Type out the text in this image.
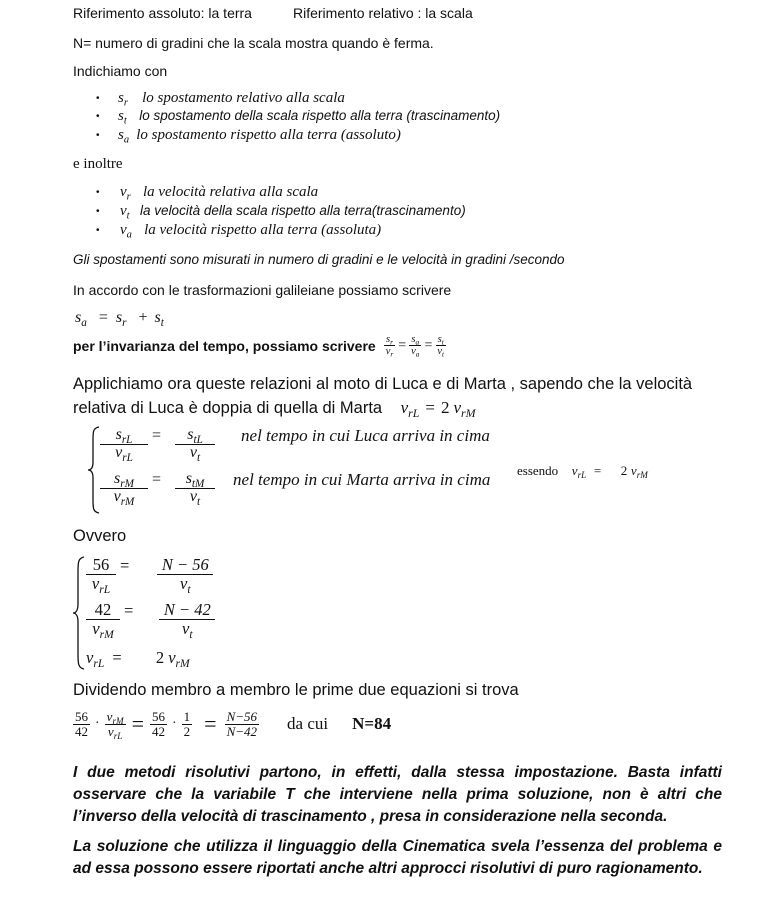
Riferimento assoluto: la terra	Riferimento relativo : la scala
N= numero di gradini che la scala mostra quando è ferma.
Indichiamo con
• $s_r$ lo spostamento relativo alla scala
• $s_t$ lo spostamento della scala rispetto alla terra (trascinamento)
• $s_a$ lo spostamento rispetto alla terra (assoluto)
e inoltre
• $v_r$ la velocità relativa alla scala
• $v_t$ la velocità della scala rispetto alla terra(trascinamento)
• $v_a$ la velocità rispetto alla terra (assoluta)
Gli spostamenti sono misurati in numero di gradini e le velocità in gradini /secondo
In accordo con le trasformazioni galileiane possiamo scrivere
$s_a = s_r + s_t$
per l’invarianza del tempo, possiamo scrivere $\frac{s_r}{v_r} = \frac{s_a}{v_a} = \frac{s_t}{v_t}$
Applichiamo ora queste relazioni al moto di Luca e di Marta , sapendo che la velocità
relativa di Luca è doppia di quella di Marta $v_{rL} = 2$ $v_{rM}$
$\frac{s_{rL}}{v_{rL}} = \frac{s_{tL}}{v_t}$ nel tempo in cui Luca arriva in cima
$\frac{s_{rM}}{v_{rM}} = \frac{s_{tM}}{v_t}$ nel tempo in cui Marta arriva in cima essendo $v_{rL} = 2$ $v_{rM}$
Ovvero
$\frac{56}{v_{rL}} = \frac{N - 56}{v_t}$
$\frac{42}{v_{rM}} = \frac{N - 42}{v_t}$
$v_{rL} = 2$ $v_{rM}$
Dividendo membro a membro le prime due equazioni si trova
$\frac{56}{42} \cdot \frac{v_{rM}}{v_{rL}} = \frac{56}{42} \cdot \frac{1}{2} = \frac{N-56}{N-42}$ da cui N=84
I due metodi risolutivi partono, in effetti, dalla stessa impostazione. Basta infatti osservare che la variabile T che interviene nella prima soluzione, non è altri che l’inverso della velocità di trascinamento , presa in considerazione nella seconda.
La soluzione che utilizza il linguaggio della Cinematica svela l’essenza del problema e ad essa possono essere riportati anche altri approcci risolutivi di puro ragionamento.
